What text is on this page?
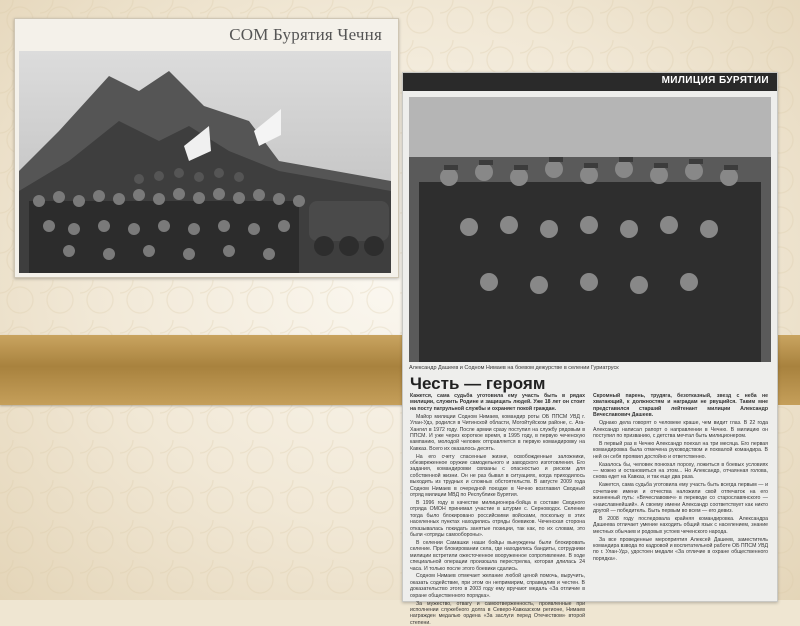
СОМ Бурятия Чечня
МИЛИЦИЯ БУРЯТИИ
Александр Дашеев и Содном Нимаев на боевом дежурстве в селении Гуриатруск
Честь — героям

Кажется, сама судьба уготовила ему участь быть в рядах милиции, служить Родине и защищать людей. Уже 18 лет он стоит на посту патрульной службы и охраняет покой граждан.

Майор милиции Содном Нимаев, командир роты ОБ ППСМ УВД г. Улан-Удэ, родился в Читинской области, Могойтуйском районе, с. Ага-Хангил в 1972 году. После армии сразу поступил на службу рядовым в ППСМ. И уже через короткое время, в 1995 году, в первую чеченскую кампанию, молодой человек отправляется в первую командировку на Кавказ. Всего их оказалось десять.

На его счету спасенные жизни, освобожденные заложники, обезвреженное оружие самодельного и заводского изготовления. Его задания, командировки связаны с опасностью и риском для собственной жизни. Он не раз бывал в ситуациях, когда приходилось выходить из трудных и сложных обстоятельств. В августе 2009 года Содном Нимаев в очередной поездке в Чечню возглавил Сводный отряд милиции МВД по Республике Бурятия.

В 1996 году в качестве милиционера-бойца в составе Сводного отряда ОМОН принимал участие в штурме с. Серноводск. Селение тогда было блокировано российскими войсками, поскольку в этих населенных пунктах находились отряды боевиков. Чеченская сторона отказывалась покидать занятые позиции, так как, по их словам, это были «отряды самообороны».

В селении Самашки наши бойцы вынуждены были блокировать селение. При блокировании села, где находились бандиты, сотрудники милиции встретили ожесточенное вооруженное сопротивление. В ходе специальной операции произошла перестрелка, которая длилась 24 часа. И только после этого боевики сдались.

Содном Нимаев отмечает желание любой ценой помочь, выручить, оказать содействие, при этом он непримирим, справедлив и честен. В доказательство этого в 2003 году ему вручают медаль «За отличие в охране общественного порядка».

За мужество, отвагу и самоотверженность, проявленные при исполнении служебного долга в Северо-Кавказском регионе, Нимаев награжден медалью ордена «За заслуги перед Отечеством» второй степени.

Скромный парень, трудяга, безотказный, звезд с неба не хватающий, к должностям и наградам не рвущийся. Таким мне представился старший лейтенант милиции Александр Вячеславович Дашеев.

Однако дела говорят о человеке краше, чем видит глаз. В 22 года Александр написал рапорт о направлении в Чечню. В милицию он поступил по призванию, с детства мечтал быть милиционером.

В первый раз в Чечню Александр поехал на три месяца. Его первая командировка была отмечена руководством и похвалой командира. В ней он себя проявил достойно и ответственно.

Казалось бы, человек понюхал пороху, ложиться в боевых условиях — можно и остановиться на этом... Но Александр, отчаянная голова, снова едет на Кавказ, и так еще два раза.

Кажется, сама судьба уготовила ему участь быть всегда первым — и сочетание имени и отчества наложили свой отпечаток на его жизненный путь: «Вячеславович» в переводе со старославянского — «наиславнейший». А своему имени Александр соответствует как никто другой — победитель. Быть первым во всем — его девиз.

В 2008 году последовала крайняя командировка. Александра Дашеева отличает умение находить общий язык с населением, знание местных обычаев и родовых устоев чеченского народа.

За все проведенные мероприятия Алексей Дашеев, заместитель командира взвода по кадровой и воспитательной работе ОБ ППСМ УВД по г. Улан-Удэ, удостоен медали «За отличие в охране общественного порядка».
